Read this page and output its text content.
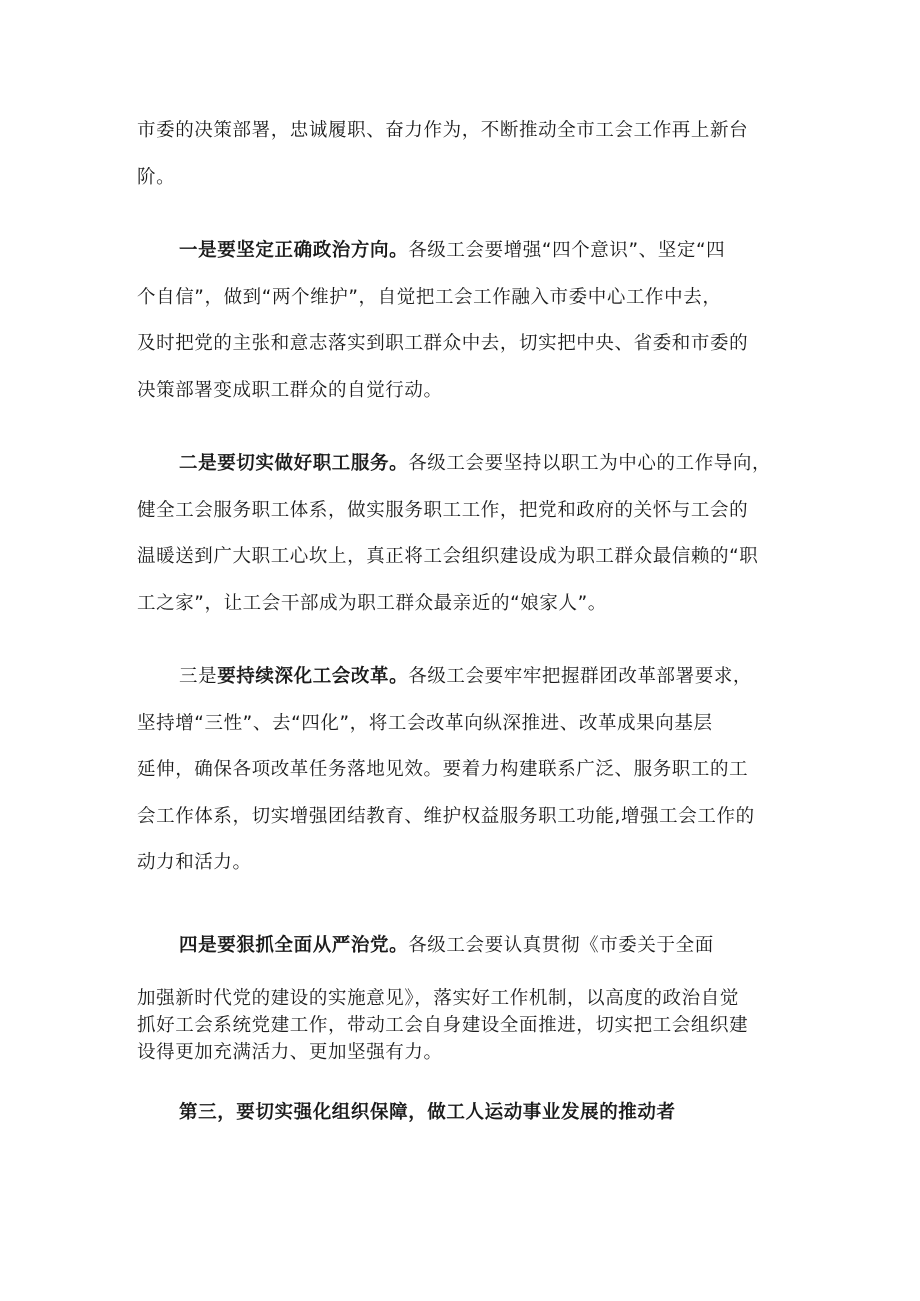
市委的决策部署，忠诚履职、奋力作为，不断推动全市工会工作再上新台
阶。
一是要坚定正确政治方向。各级工会要增强“四个意识”、坚定“四
个自信”，做到“两个维护”，自觉把工会工作融入市委中心工作中去，
及时把党的主张和意志落实到职工群众中去，切实把中央、省委和市委的
决策部署变成职工群众的自觉行动。
二是要切实做好职工服务。各级工会要坚持以职工为中心的工作导向，
健全工会服务职工体系，做实服务职工工作，把党和政府的关怀与工会的
温暖送到广大职工心坎上，真正将工会组织建设成为职工群众最信赖的“职
工之家”，让工会干部成为职工群众最亲近的“娘家人”。
三是要持续深化工会改革。各级工会要牢牢把握群团改革部署要求，
坚持增“三性”、去“四化”，将工会改革向纵深推进、改革成果向基层
延伸，确保各项改革任务落地见效。要着力构建联系广泛、服务职工的工
会工作体系，切实增强团结教育、维护权益服务职工功能,增强工会工作的
动力和活力。
四是要狠抓全面从严治党。各级工会要认真贯彻《市委关于全面
加强新时代党的建设的实施意见》，落实好工作机制，以高度的政治自觉
抓好工会系统党建工作，带动工会自身建设全面推进，切实把工会组织建
设得更加充满活力、更加坚强有力。
第三，要切实强化组织保障，做工人运动事业发展的推动者
